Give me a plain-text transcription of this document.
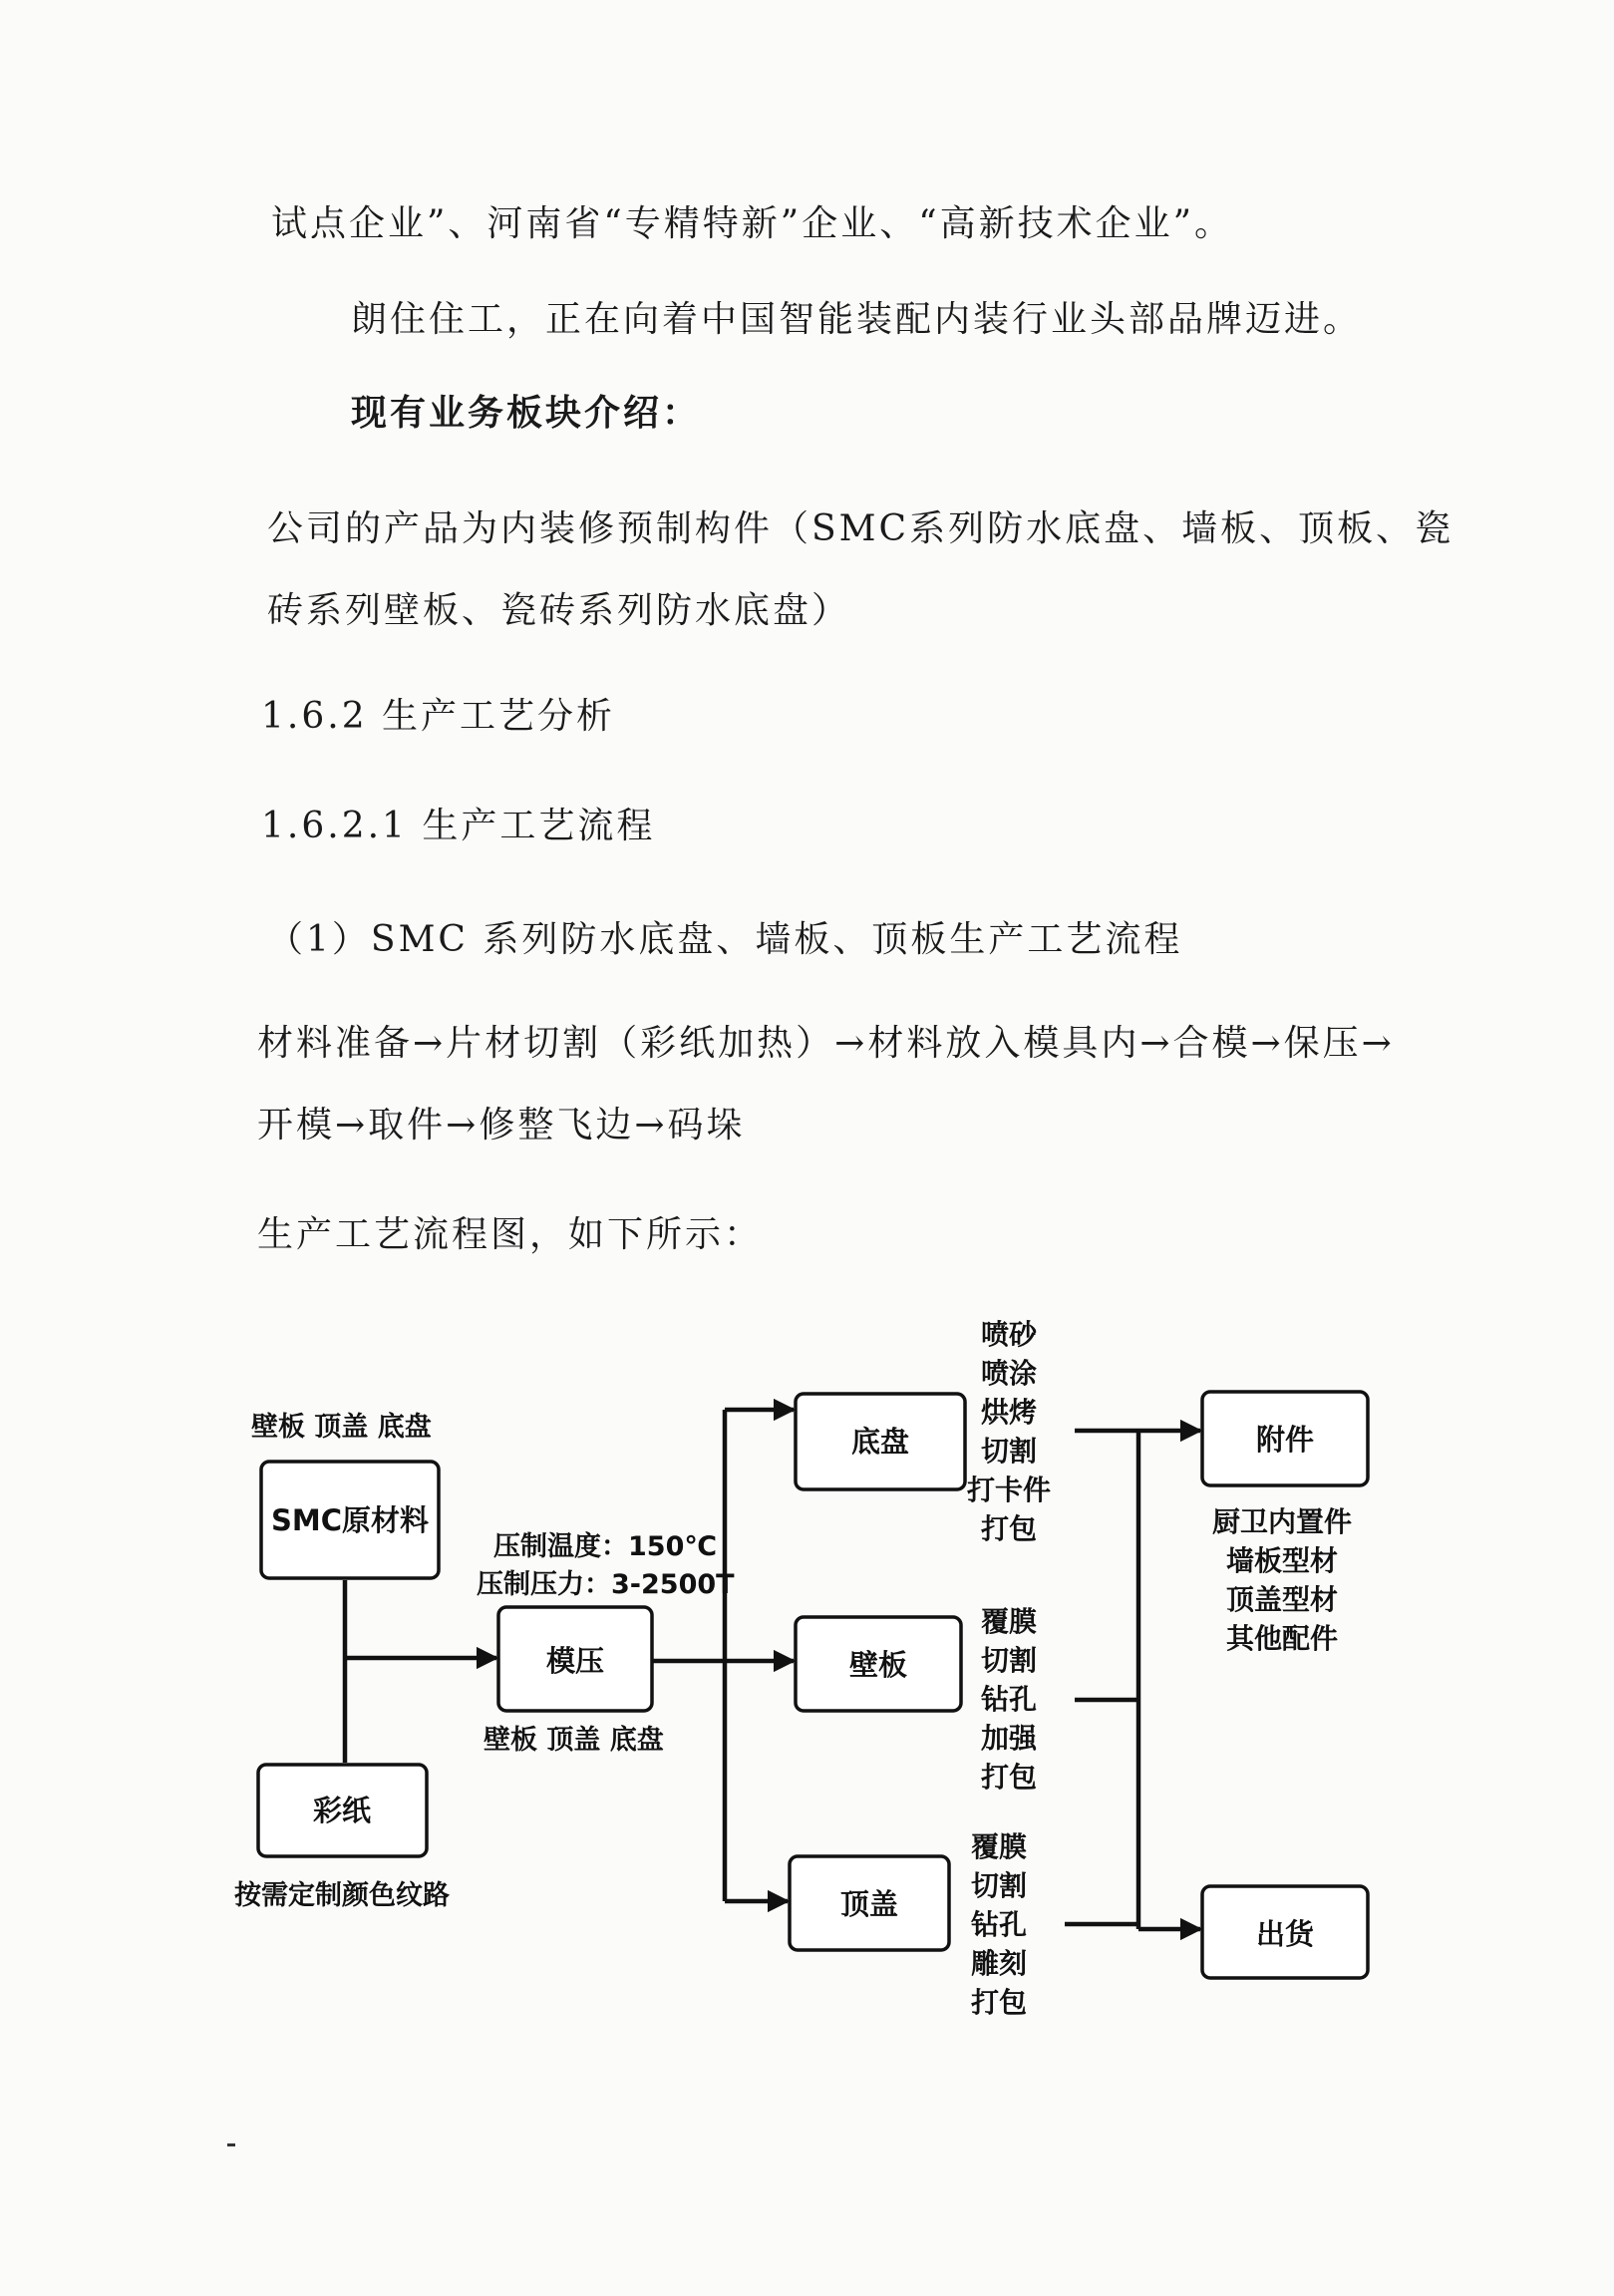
试点企业”、河南省“专精特新”企业、“高新技术企业”。
朗住住工，正在向着中国智能装配内装行业头部品牌迈进。
现有业务板块介绍：
公司的产品为内装修预制构件（SMC系列防水底盘、墙板、顶板、瓷
砖系列壁板、瓷砖系列防水底盘）
1.6.2 生产工艺分析
1.6.2.1 生产工艺流程
（1）SMC 系列防水底盘、墙板、顶板生产工艺流程
材料准备→片材切割（彩纸加热）→材料放入模具内→合模→保压→
开模→取件→修整飞边→码垛
生产工艺流程图，如下所示：
壁板 顶盖 底盘
SMC原材料
彩纸
按需定制颜色纹路
压制温度：150℃
压制压力：3-2500T
模压
壁板 顶盖 底盘
底盘
壁板
顶盖
附件
出货
喷砂
喷涂
烘烤
切割
打卡件
打包
覆膜
切割
钻孔
加强
打包
覆膜
切割
钻孔
雕刻
打包
厨卫内置件
墙板型材
顶盖型材
其他配件
